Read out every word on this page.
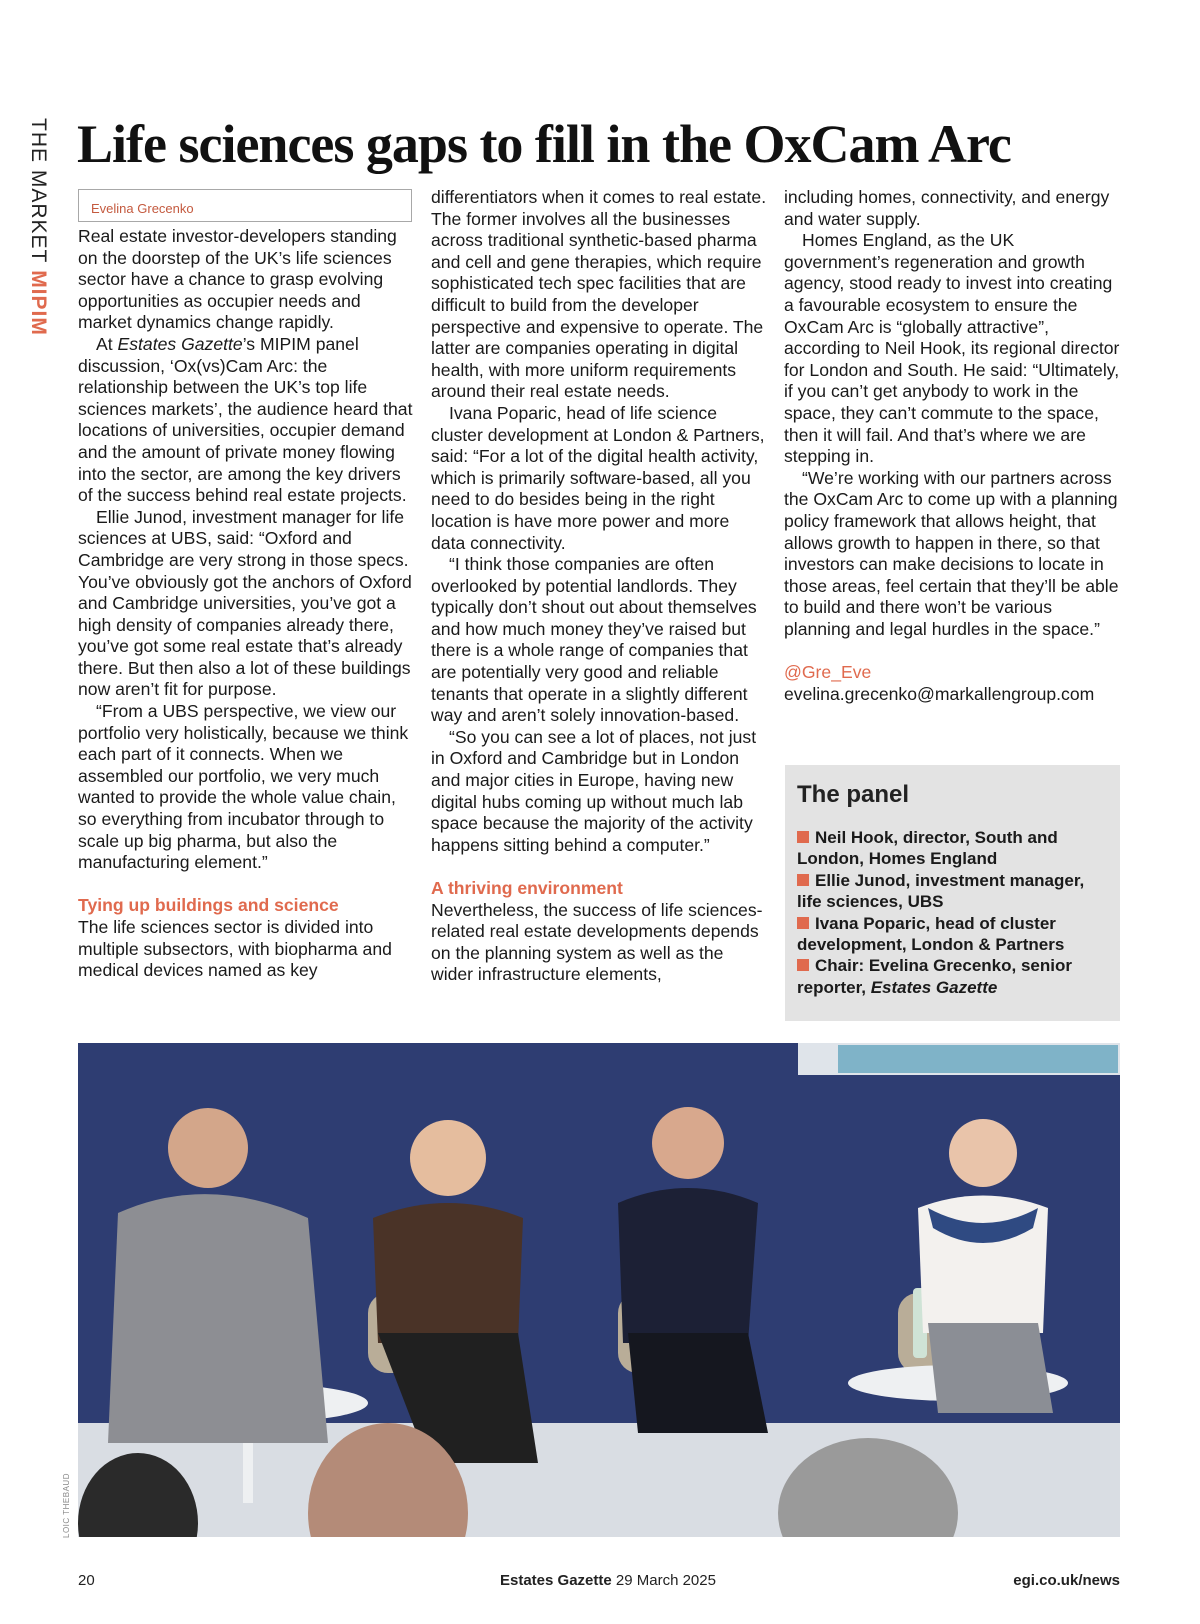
THE MARKET MIPIM
Life sciences gaps to fill in the OxCam Arc
Evelina Grecenko

Real estate investor-developers standing on the doorstep of the UK’s life sciences sector have a chance to grasp evolving opportunities as occupier needs and market dynamics change rapidly.

At Estates Gazette’s MIPIM panel discussion, ‘Ox(vs)Cam Arc: the relationship between the UK’s top life sciences markets’, the audience heard that locations of universities, occupier demand and the amount of private money flowing into the sector, are among the key drivers of the success behind real estate projects.

Ellie Junod, investment manager for life sciences at UBS, said: “Oxford and Cambridge are very strong in those specs. You’ve obviously got the anchors of Oxford and Cambridge universities, you’ve got a high density of companies already there, you’ve got some real estate that’s already there. But then also a lot of these buildings now aren’t fit for purpose.

“From a UBS perspective, we view our portfolio very holistically, because we think each part of it connects. When we assembled our portfolio, we very much wanted to provide the whole value chain, so everything from incubator through to scale up big pharma, but also the manufacturing element.”

Tying up buildings and science

The life sciences sector is divided into multiple subsectors, with biopharma and medical devices named as key

differentiators when it comes to real estate. The former involves all the businesses across traditional synthetic-based pharma and cell and gene therapies, which require sophisticated tech spec facilities that are difficult to build from the developer perspective and expensive to operate. The latter are companies operating in digital health, with more uniform requirements around their real estate needs.

Ivana Poparic, head of life science cluster development at London & Partners, said: “For a lot of the digital health activity, which is primarily software-based, all you need to do besides being in the right location is have more power and more data connectivity.

“I think those companies are often overlooked by potential landlords. They typically don’t shout out about themselves and how much money they’ve raised but there is a whole range of companies that are potentially very good and reliable tenants that operate in a slightly different way and aren’t solely innovation-based.

“So you can see a lot of places, not just in Oxford and Cambridge but in London and major cities in Europe, having new digital hubs coming up without much lab space because the majority of the activity happens sitting behind a computer.”

A thriving environment

Nevertheless, the success of life sciences-related real estate developments depends on the planning system as well as the wider infrastructure elements,

including homes, connectivity, and energy and water supply.

Homes England, as the UK government’s regeneration and growth agency, stood ready to invest into creating a favourable ecosystem to ensure the OxCam Arc is “globally attractive”, according to Neil Hook, its regional director for London and South. He said: “Ultimately, if you can’t get anybody to work in the space, they can’t commute to the space, then it will fail. And that’s where we are stepping in.

“We’re working with our partners across the OxCam Arc to come up with a planning policy framework that allows height, that allows growth to happen in there, so that investors can make decisions to locate in those areas, feel certain that they’ll be able to build and there won’t be various planning and legal hurdles in the space.”

@Gre_Eve
evelina.grecenko@markallengroup.com

The panel
Neil Hook, director, South and London, Homes England
Ellie Junod, investment manager, life sciences, UBS
Ivana Poparic, head of cluster development, London & Partners
Chair: Evelina Grecenko, senior reporter, Estates Gazette
LOIC THEBAUD
20	Estates Gazette 29 March 2025	egi.co.uk/news
